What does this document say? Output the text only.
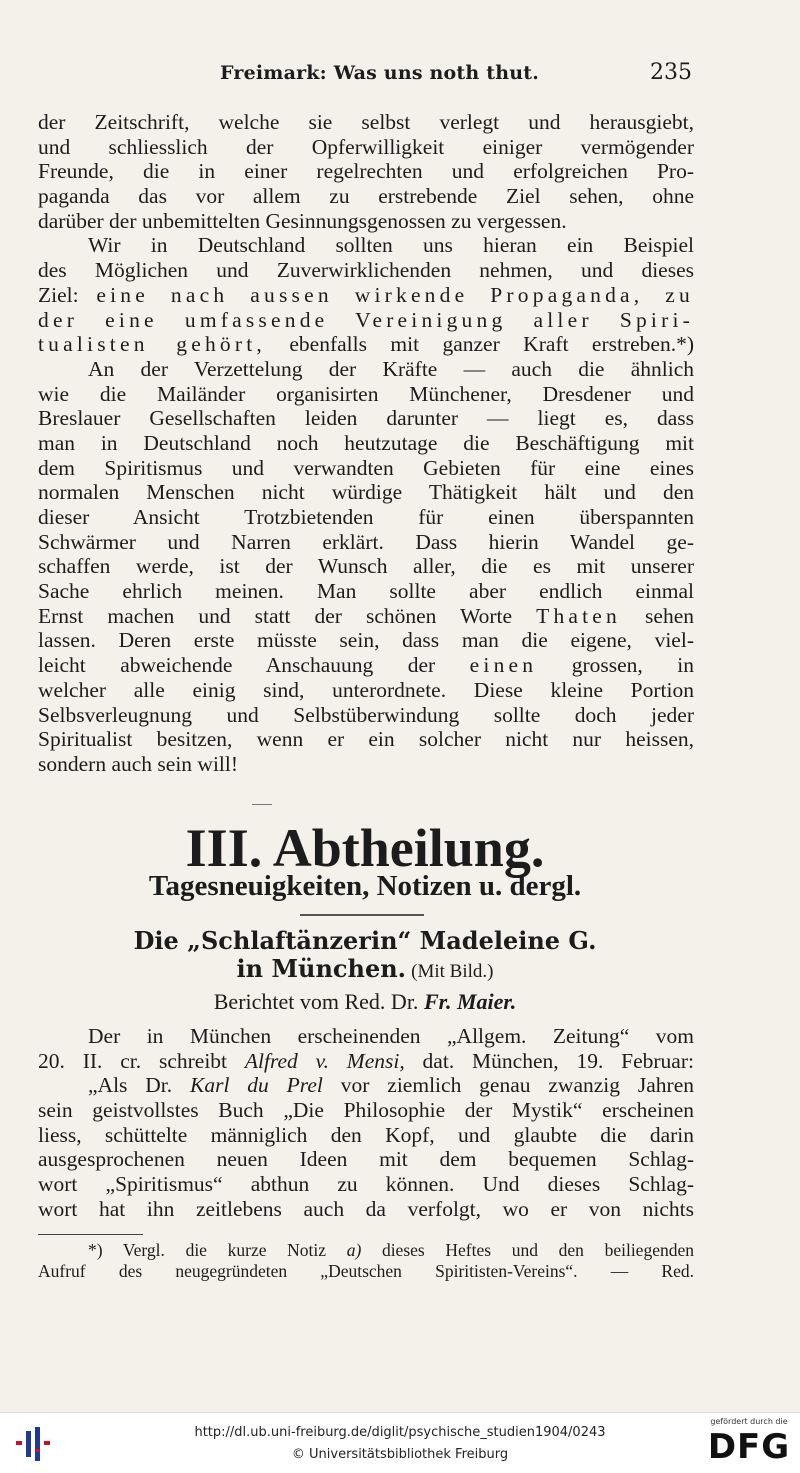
Freimark: Was uns noth thut.	235
der Zeitschrift, welche sie selbst verlegt und herausgiebt,
und schliesslich der Opferwilligkeit einiger vermögender
Freunde, die in einer regelrechten und erfolgreichen Pro-
paganda das vor allem zu erstrebende Ziel sehen, ohne
darüber der unbemittelten Gesinnungsgenossen zu vergessen.
Wir in Deutschland sollten uns hieran ein Beispiel
des Möglichen und Zuverwirklichenden nehmen, und dieses
Ziel: eine nach aussen wirkende Propaganda, zu
der eine umfassende Vereinigung aller Spiri-
tualisten gehört, ebenfalls mit ganzer Kraft erstreben.*)
An der Verzettelung der Kräfte — auch die ähnlich
wie die Mailänder organisirten Münchener, Dresdener und
Breslauer Gesellschaften leiden darunter — liegt es, dass
man in Deutschland noch heutzutage die Beschäftigung mit
dem Spiritismus und verwandten Gebieten für eine eines
normalen Menschen nicht würdige Thätigkeit hält und den
dieser Ansicht Trotzbietenden für einen überspannten
Schwärmer und Narren erklärt. Dass hierin Wandel ge-
schaffen werde, ist der Wunsch aller, die es mit unserer
Sache ehrlich meinen. Man sollte aber endlich einmal
Ernst machen und statt der schönen Worte Thaten sehen
lassen. Deren erste müsste sein, dass man die eigene, viel-
leicht abweichende Anschauung der einen grossen, in
welcher alle einig sind, unterordnete. Diese kleine Portion
Selbsverleugnung und Selbstüberwindung sollte doch jeder
Spiritualist besitzen, wenn er ein solcher nicht nur heissen,
sondern auch sein will!
III. Abtheilung.
Tagesneuigkeiten, Notizen u. dergl.
Die „Schlaftänzerin“ Madeleine G.
in München. (Mit Bild.)
Berichtet vom Red. Dr. Fr. Maier.
Der in München erscheinenden „Allgem. Zeitung“ vom
20. II. cr. schreibt Alfred v. Mensi, dat. München, 19. Februar:
„Als Dr. Karl du Prel vor ziemlich genau zwanzig Jahren
sein geistvollstes Buch „Die Philosophie der Mystik“ erscheinen
liess, schüttelte männiglich den Kopf, und glaubte die darin
ausgesprochenen neuen Ideen mit dem bequemen Schlag-
wort „Spiritismus“ abthun zu können. Und dieses Schlag-
wort hat ihn zeitlebens auch da verfolgt, wo er von nichts
*) Vergl. die kurze Notiz a) dieses Heftes und den beiliegenden
Aufruf des neugegründeten „Deutschen Spiritisten-Vereins“. — Red.
http://dl.ub.uni-freiburg.de/diglit/psychische_studien1904/0243
© Universitätsbibliothek Freiburg
gefördert durch die
DFG
